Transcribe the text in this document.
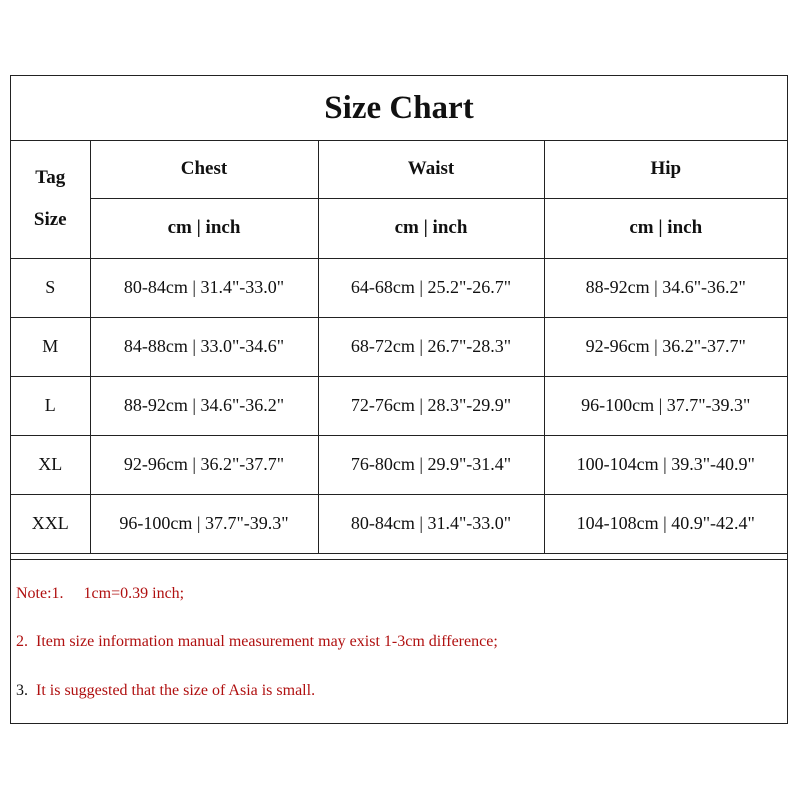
Size Chart
Tag
Size	Chest	Waist	Hip
	cm | inch	cm | inch	cm | inch
S	80-84cm | 31.4"-33.0"	64-68cm | 25.2"-26.7"	88-92cm | 34.6"-36.2"
M	84-88cm | 33.0"-34.6"	68-72cm | 26.7"-28.3"	92-96cm | 36.2"-37.7"
L	88-92cm | 34.6"-36.2"	72-76cm | 28.3"-29.9"	96-100cm | 37.7"-39.3"
XL	92-96cm | 36.2"-37.7"	76-80cm | 29.9"-31.4"	100-104cm | 39.3"-40.9"
XXL	96-100cm | 37.7"-39.3"	80-84cm | 31.4"-33.0"	104-108cm | 40.9"-42.4"
Note:1. 1cm=0.39 inch;
2. Item size information manual measurement may exist 1-3cm difference;
3. It is suggested that the size of Asia is small.
